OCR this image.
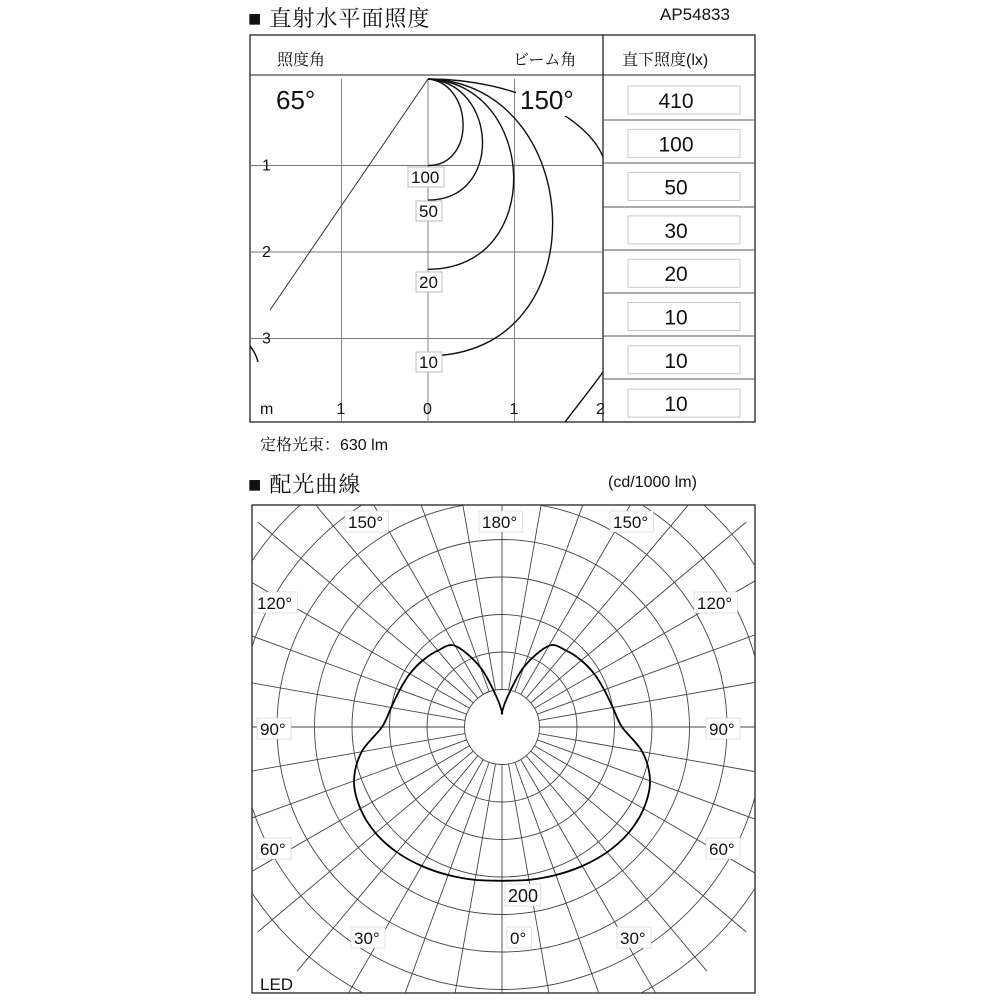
■ 直射水平面照度	AP54833
1
2
3
m	1	0	1	2
410
100
50
30
20
10
10
10
100
50
20
10
照度角	ビーム角	直下照度(lx)
65°	150°
定格光束：630 lm
■ 配光曲線	(cd/1000 lm)
150°	180°	150°
120°	120°
90°	90°
60°	60°
30°	0°	30°
200
LED
